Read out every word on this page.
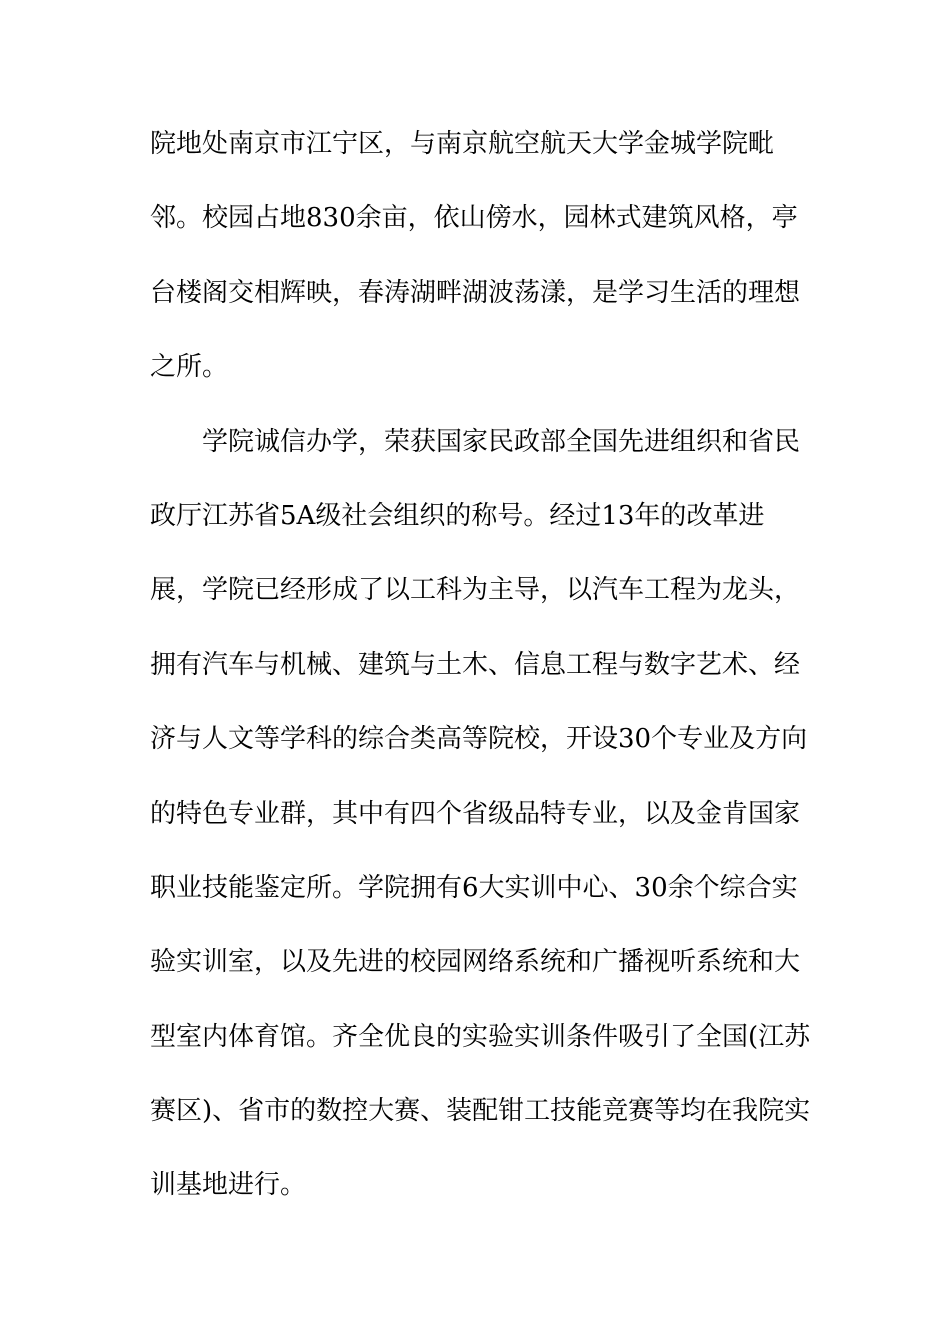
院地处南京市江宁区，与南京航空航天大学金城学院毗
邻。校园占地830余亩，依山傍水，园林式建筑风格，亭
台楼阁交相辉映，春涛湖畔湖波荡漾，是学习生活的理想
之所。
学院诚信办学，荣获国家民政部全国先进组织和省民
政厅江苏省5A级社会组织的称号。经过13年的改革进
展，学院已经形成了以工科为主导，以汽车工程为龙头，
拥有汽车与机械、建筑与土木、信息工程与数字艺术、经
济与人文等学科的综合类高等院校，开设30个专业及方向
的特色专业群，其中有四个省级品特专业，以及金肯国家
职业技能鉴定所。学院拥有6大实训中心、30余个综合实
验实训室，以及先进的校园网络系统和广播视听系统和大
型室内体育馆。齐全优良的实验实训条件吸引了全国(江苏
赛区)、省市的数控大赛、装配钳工技能竞赛等均在我院实
训基地进行。
